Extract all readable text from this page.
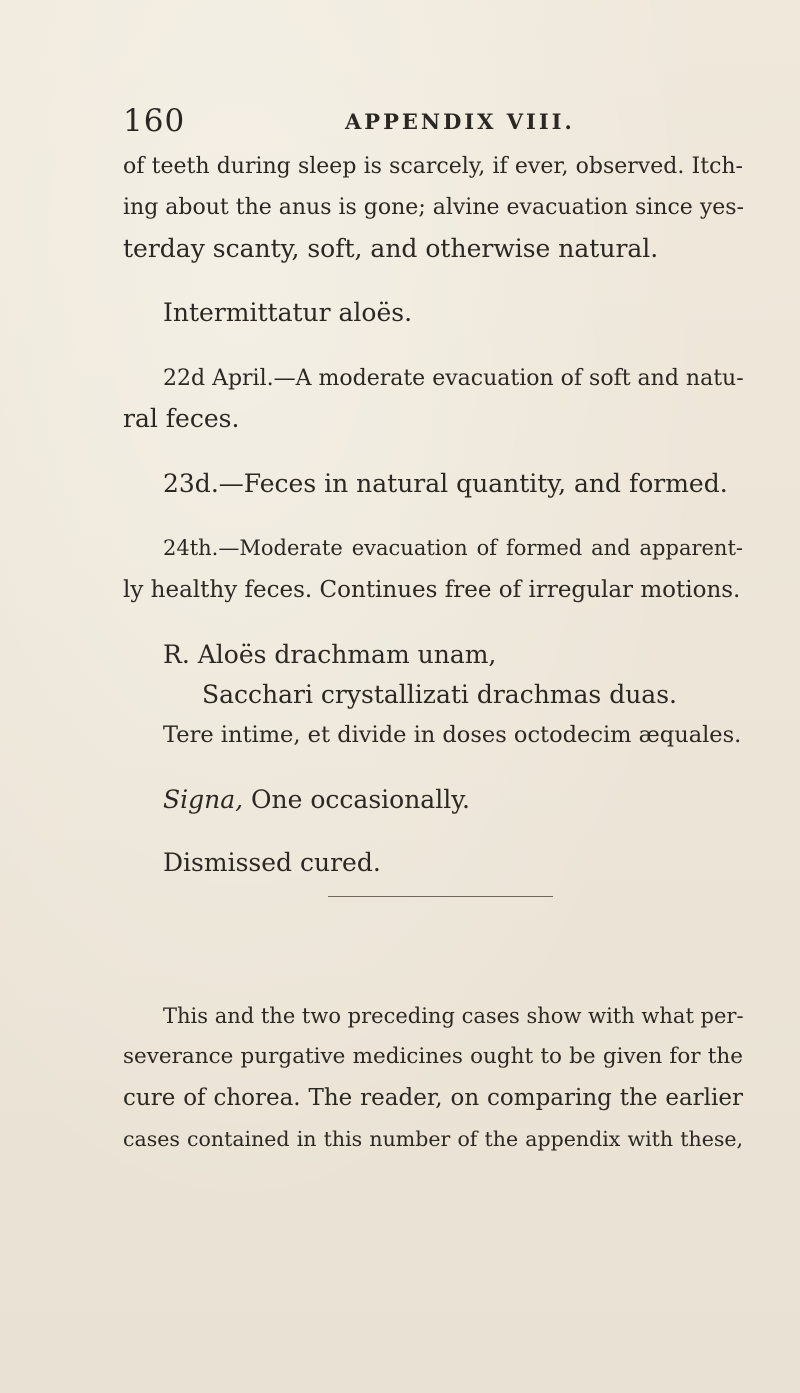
160	APPENDIX VIII.
of teeth during sleep is scarcely, if ever, observed. Itch-
ing about the anus is gone; alvine evacuation since yes-
terday scanty, soft, and otherwise natural.
Intermittatur aloës.
22d April.—A moderate evacuation of soft and natu-
ral feces.
23d.—Feces in natural quantity, and formed.
24th.—Moderate evacuation of formed and apparent-
ly healthy feces. Continues free of irregular motions.
R. Aloës drachmam unam,
Sacchari crystallizati drachmas duas.
Tere intime, et divide in doses octodecim æquales.
Signa, One occasionally.
Dismissed cured.
This and the two preceding cases show with what per-
severance purgative medicines ought to be given for the
cure of chorea. The reader, on comparing the earlier
cases contained in this number of the appendix with these,
